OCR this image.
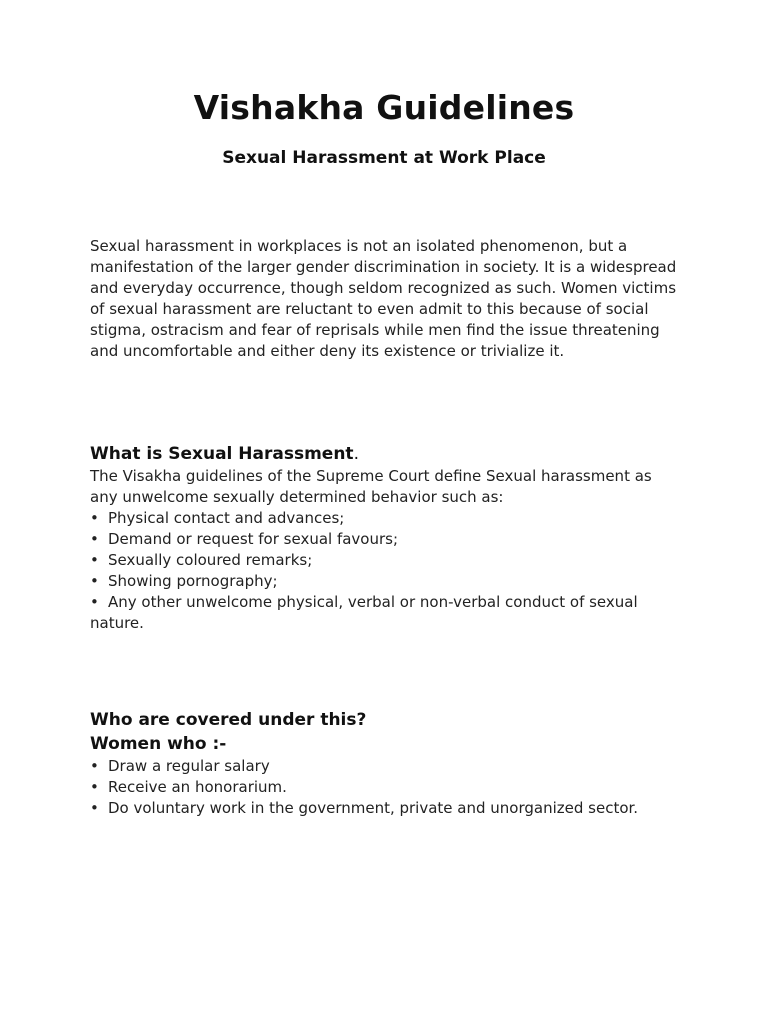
Vishakha Guidelines
Sexual Harassment at Work Place

Sexual harassment in workplaces is not an isolated phenomenon, but a manifestation of the larger gender discrimination in society. It is a widespread and everyday occurrence, though seldom recognized as such. Women victims of sexual harassment are reluctant to even admit to this because of social stigma, ostracism and fear of reprisals while men find the issue threatening and uncomfortable and either deny its existence or trivialize it.

What is Sexual Harassment.

The Visakha guidelines of the Supreme Court define Sexual harassment as any unwelcome sexually determined behavior such as:

• Physical contact and advances;
• Demand or request for sexual favours;
• Sexually coloured remarks;
• Showing pornography;
• Any other unwelcome physical, verbal or non-verbal conduct of sexual nature.
Who are covered under this?
Women who :-
• Draw a regular salary
• Receive an honorarium.
• Do voluntary work in the government, private and unorganized sector.
